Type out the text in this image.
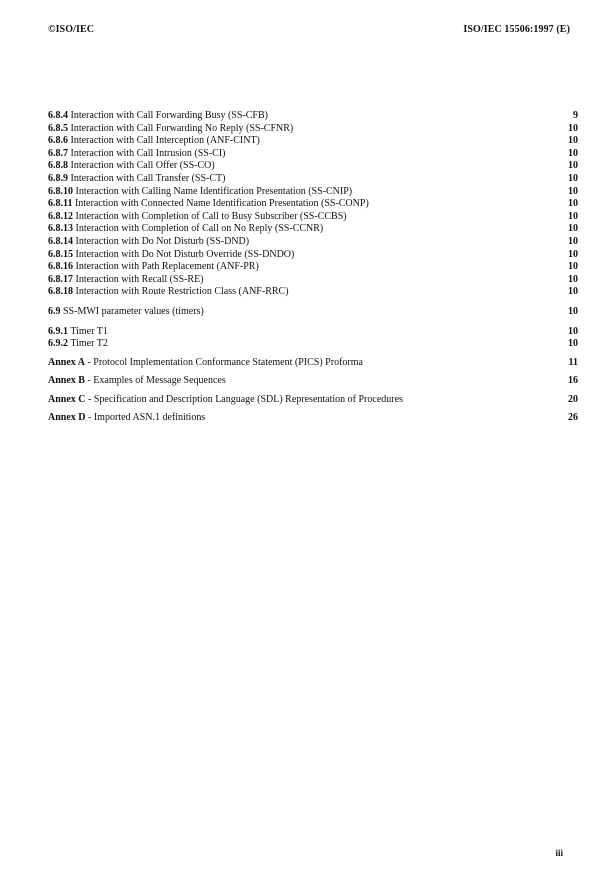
©ISO/IEC	ISO/IEC 15506:1997 (E)
6.8.4 Interaction with Call Forwarding Busy (SS-CFB)	9
6.8.5 Interaction with Call Forwarding No Reply (SS-CFNR)	10
6.8.6 Interaction with Call Interception (ANF-CINT)	10
6.8.7 Interaction with Call Intrusion (SS-CI)	10
6.8.8 Interaction with Call Offer (SS-CO)	10
6.8.9 Interaction with Call Transfer (SS-CT)	10
6.8.10 Interaction with Calling Name Identification Presentation (SS-CNIP)	10
6.8.11 Interaction with Connected Name Identification Presentation (SS-CONP)	10
6.8.12 Interaction with Completion of Call to Busy Subscriber (SS-CCBS)	10
6.8.13 Interaction with Completion of Call on No Reply (SS-CCNR)	10
6.8.14 Interaction with Do Not Disturb (SS-DND)	10
6.8.15 Interaction with Do Not Disturb Override (SS-DNDO)	10
6.8.16 Interaction with Path Replacement (ANF-PR)	10
6.8.17 Interaction with Recall (SS-RE)	10
6.8.18 Interaction with Route Restriction Class (ANF-RRC)	10
6.9 SS-MWI parameter values (timers)	10
6.9.1 Timer T1	10
6.9.2 Timer T2	10
Annex A - Protocol Implementation Conformance Statement (PICS) Proforma	11
Annex B - Examples of Message Sequences	16
Annex C - Specification and Description Language (SDL) Representation of Procedures	20
Annex D - Imported ASN.1 definitions	26
iii
